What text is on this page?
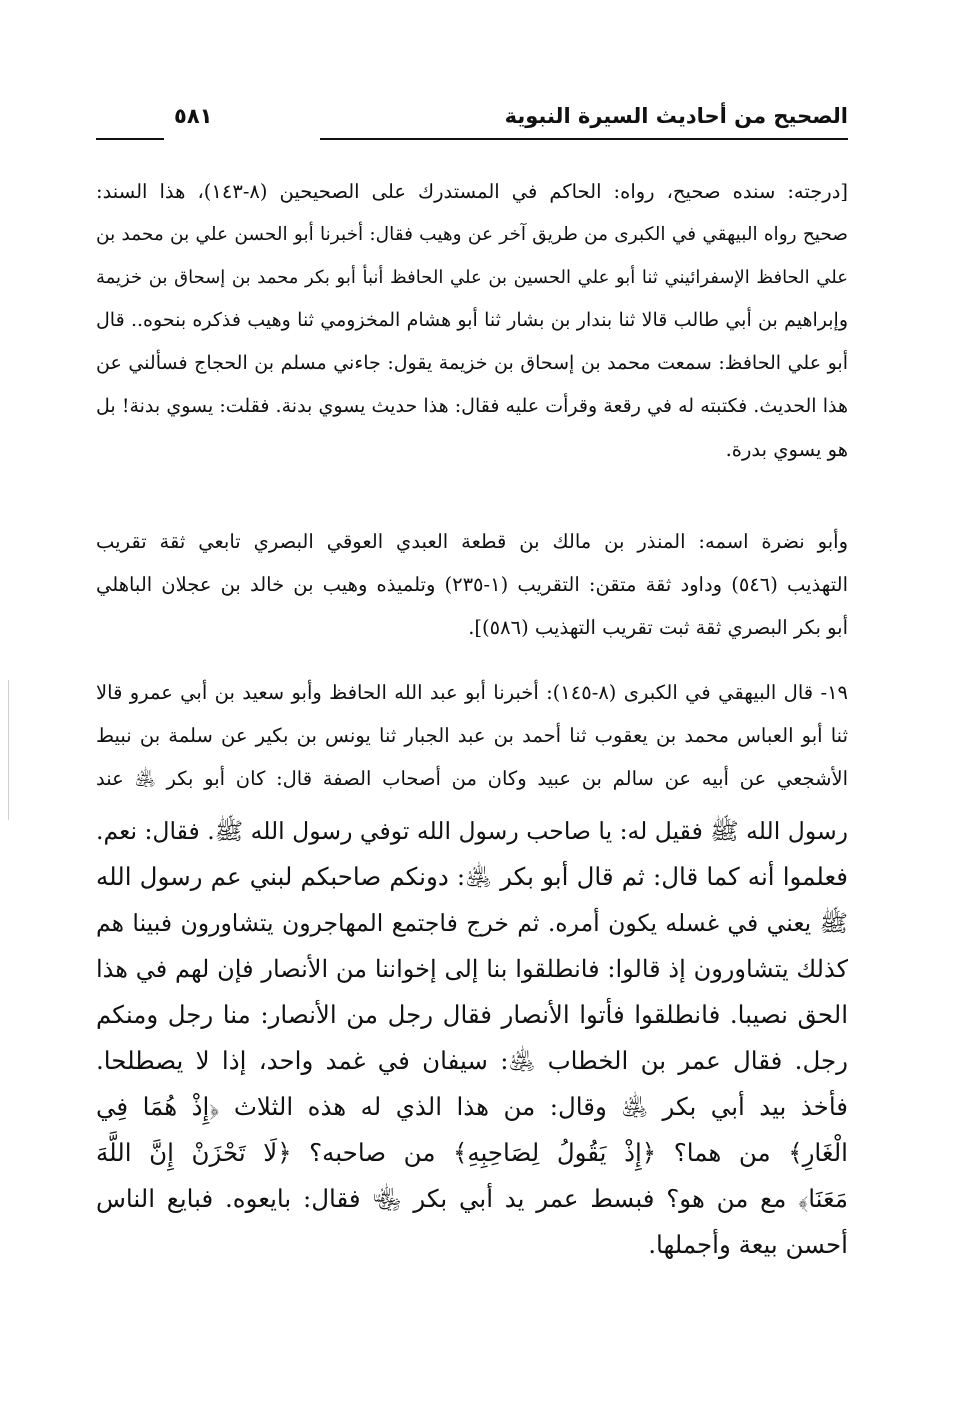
الصحيح من أحاديث السيرة النبوية
٥٨١
[درجته: سنده صحيح، رواه: الحاكم في المستدرك على الصحيحين (٨-١٤٣)، هذا السند:
صحيح رواه البيهقي في الكبرى من طريق آخر عن وهيب فقال: أخبرنا أبو الحسن علي بن محمد بن
علي الحافظ الإسفرائيني ثنا أبو علي الحسين بن علي الحافظ أنبأ أبو بكر محمد بن إسحاق بن خزيمة
وإبراهيم بن أبي طالب قالا ثنا بندار بن بشار ثنا أبو هشام المخزومي ثنا وهيب فذكره بنحوه.. قال
أبو علي الحافظ: سمعت محمد بن إسحاق بن خزيمة يقول: جاءني مسلم بن الحجاج فسألني عن
هذا الحديث. فكتبته له في رقعة وقرأت عليه فقال: هذا حديث يسوي بدنة. فقلت: يسوي بدنة! بل
هو يسوي بدرة.
وأبو نضرة اسمه: المنذر بن مالك بن قطعة العبدي العوقي البصري تابعي ثقة تقريب
التهذيب (٥٤٦) وداود ثقة متقن: التقريب (١-٢٣٥) وتلميذه وهيب بن خالد بن عجلان الباهلي
أبو بكر البصري ثقة ثبت تقريب التهذيب (٥٨٦)].
١٩- قال البيهقي في الكبرى (٨-١٤٥): أخبرنا أبو عبد الله الحافظ وأبو سعيد بن أبي عمرو قالا
ثنا أبو العباس محمد بن يعقوب ثنا أحمد بن عبد الجبار ثنا يونس بن بكير عن سلمة بن نبيط
الأشجعي عن أبيه عن سالم بن عبيد وكان من أصحاب الصفة قال: كان أبو بكر ﵁ عند
رسول الله ﷺ فقيل له: يا صاحب رسول الله توفي رسول الله ﷺ. فقال: نعم.
فعلموا أنه كما قال: ثم قال أبو بكر ﵁: دونكم صاحبكم لبني عم رسول الله
ﷺ يعني في غسله يكون أمره. ثم خرج فاجتمع المهاجرون يتشاورون فبينا هم
كذلك يتشاورون إذ قالوا: فانطلقوا بنا إلى إخواننا من الأنصار فإن لهم في هذا
الحق نصيبا. فانطلقوا فأتوا الأنصار فقال رجل من الأنصار: منا رجل ومنكم
رجل. فقال عمر بن الخطاب ﵁: سيفان في غمد واحد، إذا لا يصطلحا.
فأخذ بيد أبي بكر ﵁ وقال: من هذا الذي له هذه الثلاث ﴿إِذْ هُمَا فِي
الْغَارِ﴾ من هما؟ ﴿إِذْ يَقُولُ لِصَاحِبِهِ﴾ من صاحبه؟ ﴿لَا تَحْزَنْ إِنَّ اللَّهَ
مَعَنَا﴾ مع من هو؟ فبسط عمر يد أبي بكر ﵄ فقال: بايعوه. فبايع الناس
أحسن بيعة وأجملها.
